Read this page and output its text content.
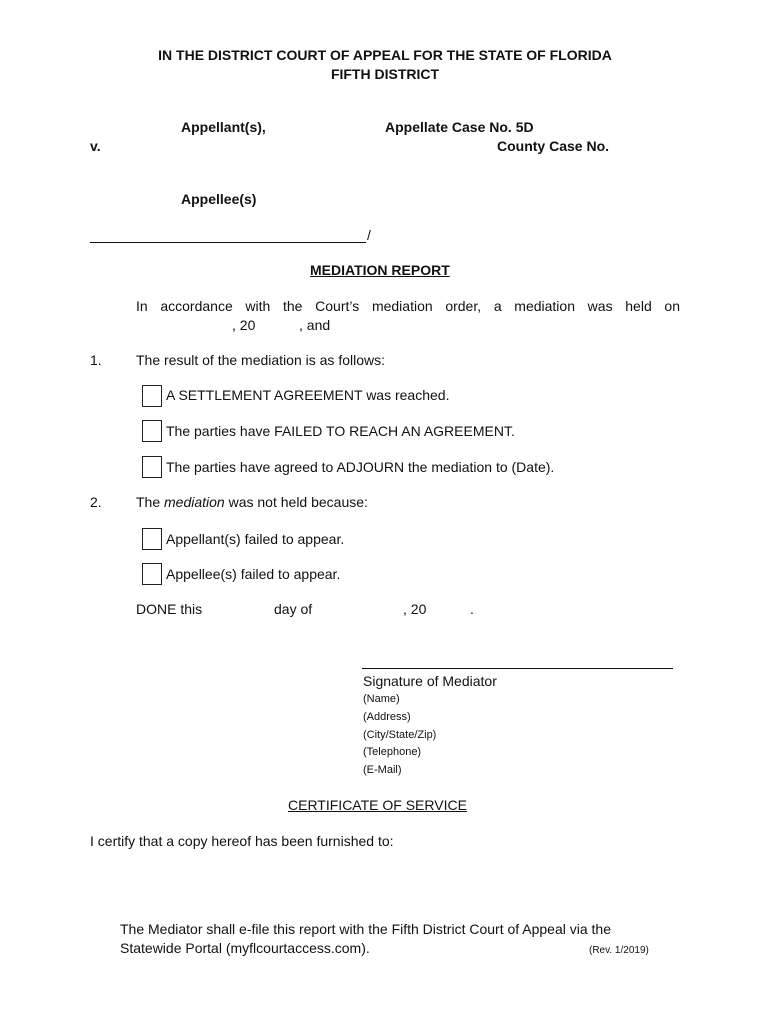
IN THE DISTRICT COURT OF APPEAL FOR THE STATE OF FLORIDA
FIFTH DISTRICT
Appellant(s),	Appellate Case No. 5D
v.	County Case No.
Appellee(s)
/
MEDIATION REPORT
In accordance with the Court’s mediation order, a mediation was held on
, 20	, and
1. The result of the mediation is as follows:
A SETTLEMENT AGREEMENT was reached.
The parties have FAILED TO REACH AN AGREEMENT.
The parties have agreed to ADJOURN the mediation to (Date).
2. The mediation was not held because:
Appellant(s) failed to appear.
Appellee(s) failed to appear.
DONE this	day of	, 20	.
Signature of Mediator
(Name)
(Address)
(City/State/Zip)
(Telephone)
(E-Mail)
CERTIFICATE OF SERVICE
I certify that a copy hereof has been furnished to:
The Mediator shall e-file this report with the Fifth District Court of Appeal via the
Statewide Portal (myflcourtaccess.com).	(Rev. 1/2019)
